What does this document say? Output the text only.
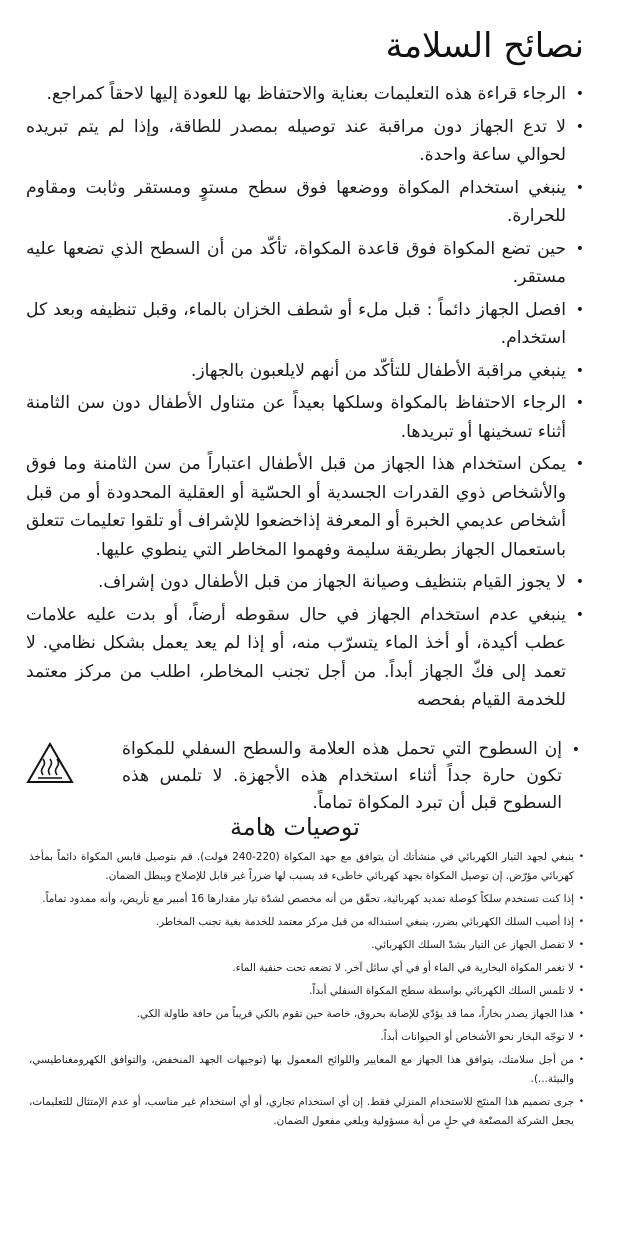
نصائح السلامة
• الرجاء قراءة هذه التعليمات بعناية والاحتفاظ بها للعودة إليها لاحقاً كمراجع.
• لا تدع الجهاز دون مراقبة عند توصيله بمصدر للطاقة، وإذا لم يتم تبريده لحوالي ساعة واحدة.
• ينبغي استخدام المكواة ووضعها فوق سطح مستوٍ ومستقر وثابت ومقاوم للحرارة.
• حين تضع المكواة فوق قاعدة المكواة، تأكّد من أن السطح الذي تضعها عليه مستقر.
• افصل الجهاز دائماً : قبل ملء أو شطف الخزان بالماء، وقبل تنظيفه وبعد كل استخدام.
• ينبغي مراقبة الأطفال للتأكّد من أنهم لايلعبون بالجهاز.
• الرجاء الاحتفاظ بالمكواة وسلكها بعيداً عن متناول الأطفال دون سن الثامنة أثناء تسخينها أو تبريدها.
• يمكن استخدام هذا الجهاز من قبل الأطفال اعتباراً من سن الثامنة وما فوق والأشخاص ذوي القدرات الجسدية أو الحسّية أو العقلية المحدودة أو من قبل أشخاص عديمي الخبرة أو المعرفة إذاخضعوا للإشراف أو تلقوا تعليمات تتعلق باستعمال الجهاز بطريقة سليمة وفهموا المخاطر التي ينطوي عليها.
• لا يجوز القيام بتنظيف وصيانة الجهاز من قبل الأطفال دون إشراف.
• ينبغي عدم استخدام الجهاز في حال سقوطه أرضاً، أو بدت عليه علامات عطب أكيدة، أو أخذ الماء يتسرّب منه، أو إذا لم يعد يعمل بشكل نظامي. لا تعمد إلى فكّ الجهاز أبداً. من أجل تجنب المخاطر، اطلب من مركز معتمد للخدمة القيام بفحصه
•
إن السطوح التي تحمل هذه العلامة والسطح السفلي للمكواة تكون حارة جداً أثناء استخدام هذه الأجهزة. لا تلمس هذه السطوح قبل أن تبرد المكواة تماماً.
توصيات هامة
• ينبغي لجهد التيار الكهربائي في منشأتك أن يتوافق مع جهد المكواة (220-240 فولت). قم بتوصيل قابس المكواة دائماً بمأخذ كهربائي مؤرّض. إن توصيل المكواة بجهد كهربائي خاطىء قد يسبب لها ضرراً غير قابل للإصلاح ويبطل الضمان.
• إذا كنت تستخدم سلكاً كوصلة تمديد كهربائية، تحقّق من أنه مخصص لشدّة تيار مقدارها 16 أمبير مع تأريض، وأنه ممدود تماماً.
• إذا أصيب السلك الكهربائي بضرر، ينبغي استبداله من قبل مركز معتمد للخدمة بغية تجنب المخاطر.
• لا تفصل الجهاز عن التيار بشدّ السلك الكهربائي.
• لا تغمر المكواة البخارية في الماء أو في أي سائل آخر. لا تضعه تحت حنفية الماء.
• لا تلمس السلك الكهربائي بواسطة سطح المكواة السفلي أبداً.
• هذا الجهاز يصدر بخاراً، مما قد يؤدّي للإصابة بحروق، خاصة حين تقوم بالكي قريباً من حافة طاولة الكي.
• لا توجّه البخار نحو الأشخاص أو الحيوانات أبداً.
• من أجل سلامتك، يتوافق هذا الجهاز مع المعايير واللوائح المعمول بها (توجيهات الجهد المنخفض، والتوافق الكهرومغناطيسي، والبيئة...).
• جرى تصميم هذا المنتَج للاستخدام المنزلي فقط. إن أي استخدام تجاري، أو أي استخدام غير مناسب، أو عدم الإمتثال للتعليمات، يجعل الشركة المصنّعة في حلٍ من أية مسؤولية ويلغي مفعول الضمان.
